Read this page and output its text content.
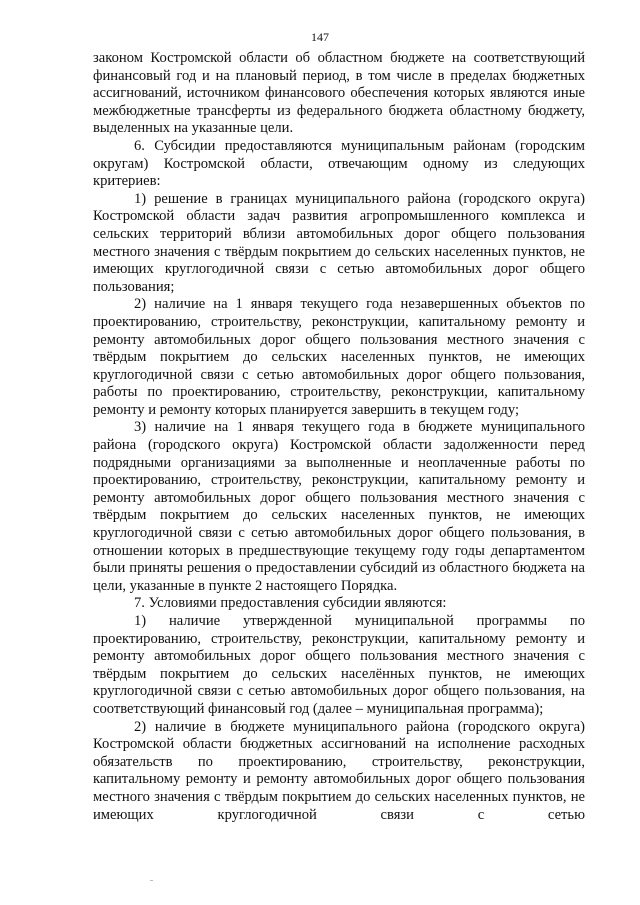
147

законом Костромской области об областном бюджете на соответствующий финансовый год и на плановый период, в том числе в пределах бюджетных ассигнований, источником финансового обеспечения которых являются иные межбюджетные трансферты из федерального бюджета областному бюджету, выделенных на указанные цели.

6. Субсидии предоставляются муниципальным районам (городским округам) Костромской области, отвечающим одному из следующих критериев:

1) решение в границах муниципального района (городского округа) Костромской области задач развития агропромышленного комплекса и сельских территорий вблизи автомобильных дорог общего пользования местного значения с твёрдым покрытием до сельских населенных пунктов, не имеющих круглогодичной связи с сетью автомобильных дорог общего пользования;

2) наличие на 1 января текущего года незавершенных объектов по проектированию, строительству, реконструкции, капитальному ремонту и ремонту автомобильных дорог общего пользования местного значения с твёрдым покрытием до сельских населенных пунктов, не имеющих круглогодичной связи с сетью автомобильных дорог общего пользования, работы по проектированию, строительству, реконструкции, капитальному ремонту и ремонту которых планируется завершить в текущем году;

3) наличие на 1 января текущего года в бюджете муниципального района (городского округа) Костромской области задолженности перед подрядными организациями за выполненные и неоплаченные работы по проектированию, строительству, реконструкции, капитальному ремонту и ремонту автомобильных дорог общего пользования местного значения с твёрдым покрытием до сельских населенных пунктов, не имеющих круглогодичной связи с сетью автомобильных дорог общего пользования, в отношении которых в предшествующие текущему году годы департаментом были приняты решения о предоставлении субсидий из областного бюджета на цели, указанные в пункте 2 настоящего Порядка.

7. Условиями предоставления субсидии являются:

1) наличие утвержденной муниципальной программы по проектированию, строительству, реконструкции, капитальному ремонту и ремонту автомобильных дорог общего пользования местного значения с твёрдым покрытием до сельских населённых пунктов, не имеющих круглогодичной связи с сетью автомобильных дорог общего пользования, на соответствующий финансовый год (далее – муниципальная программа);

2) наличие в бюджете муниципального района (городского округа) Костромской области бюджетных ассигнований на исполнение расходных обязательств по проектированию, строительству, реконструкции, капитальному ремонту и ремонту автомобильных дорог общего пользования местного значения с твёрдым покрытием до сельских населенных пунктов, не имеющих круглогодичной связи с сетью
